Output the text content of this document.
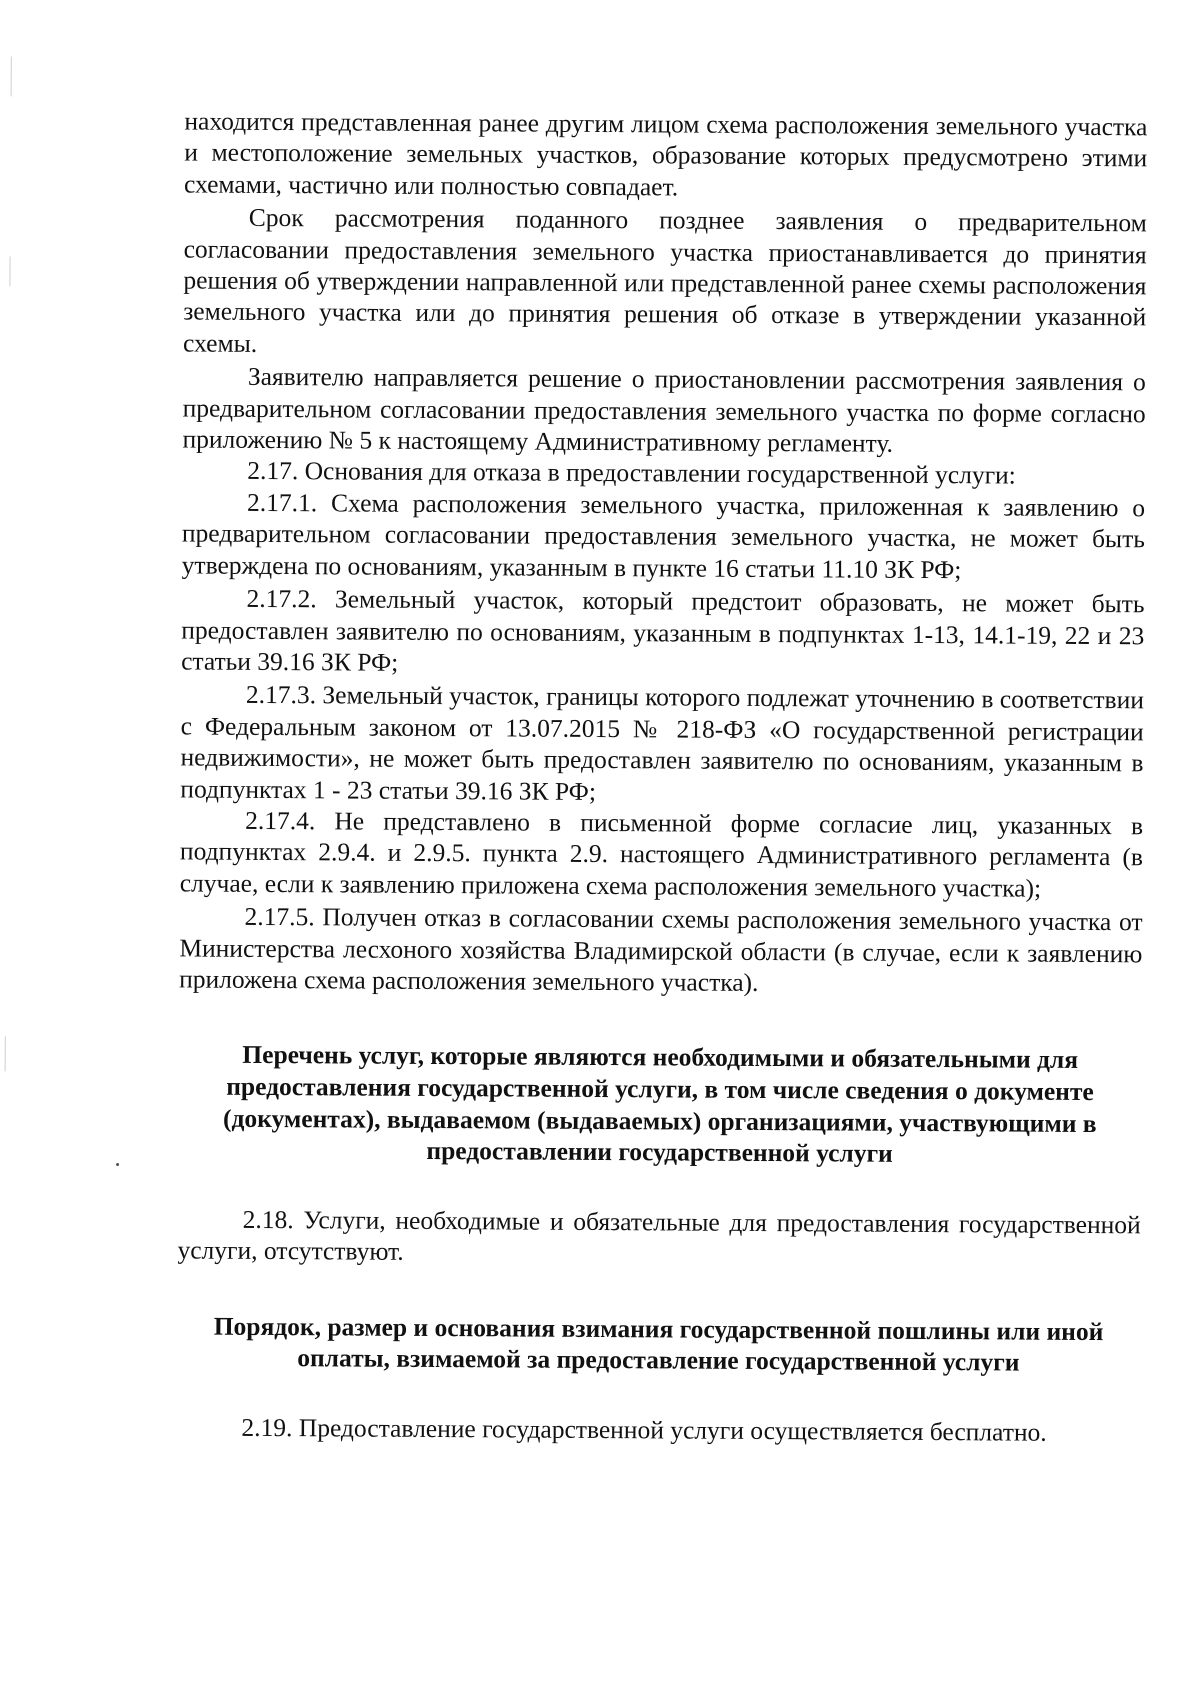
находится представленная ранее другим лицом схема расположения земельного участка и местоположение земельных участков, образование которых предусмотрено этими схемами, частично или полностью совпадает.

Срок рассмотрения поданного позднее заявления о предварительном согласовании предоставления земельного участка приостанавливается до принятия решения об утверждении направленной или представленной ранее схемы расположения земельного участка или до принятия решения об отказе в утверждении указанной схемы.

Заявителю направляется решение о приостановлении рассмотрения заявления о предварительном согласовании предоставления земельного участка по форме согласно приложению № 5 к настоящему Административному регламенту.

2.17. Основания для отказа в предоставлении государственной услуги:

2.17.1. Схема расположения земельного участка, приложенная к заявлению о предварительном согласовании предоставления земельного участка, не может быть утверждена по основаниям, указанным в пункте 16 статьи 11.10 ЗК РФ;

2.17.2. Земельный участок, который предстоит образовать, не может быть предоставлен заявителю по основаниям, указанным в подпунктах 1-13, 14.1-19, 22 и 23 статьи 39.16 ЗК РФ;

2.17.3. Земельный участок, границы которого подлежат уточнению в соответствии с Федеральным законом от 13.07.2015 № 218-ФЗ «О государственной регистрации недвижимости», не может быть предоставлен заявителю по основаниям, указанным в подпунктах 1 - 23 статьи 39.16 ЗК РФ;

2.17.4. Не представлено в письменной форме согласие лиц, указанных в подпунктах 2.9.4. и 2.9.5. пункта 2.9. настоящего Административного регламента (в случае, если к заявлению приложена схема расположения земельного участка);

2.17.5. Получен отказ в согласовании схемы расположения земельного участка от Министерства лесхоного хозяйства Владимирской области (в случае, если к заявлению приложена схема расположения земельного участка).

Перечень услуг, которые являются необходимыми и обязательными для предоставления государственной услуги, в том числе сведения о документе (документах), выдаваемом (выдаваемых) организациями, участвующими в предоставлении государственной услуги

2.18. Услуги, необходимые и обязательные для предоставления государственной услуги, отсутствуют.

Порядок, размер и основания взимания государственной пошлины или иной оплаты, взимаемой за предоставление государственной услуги

2.19. Предоставление государственной услуги осуществляется бесплатно.
